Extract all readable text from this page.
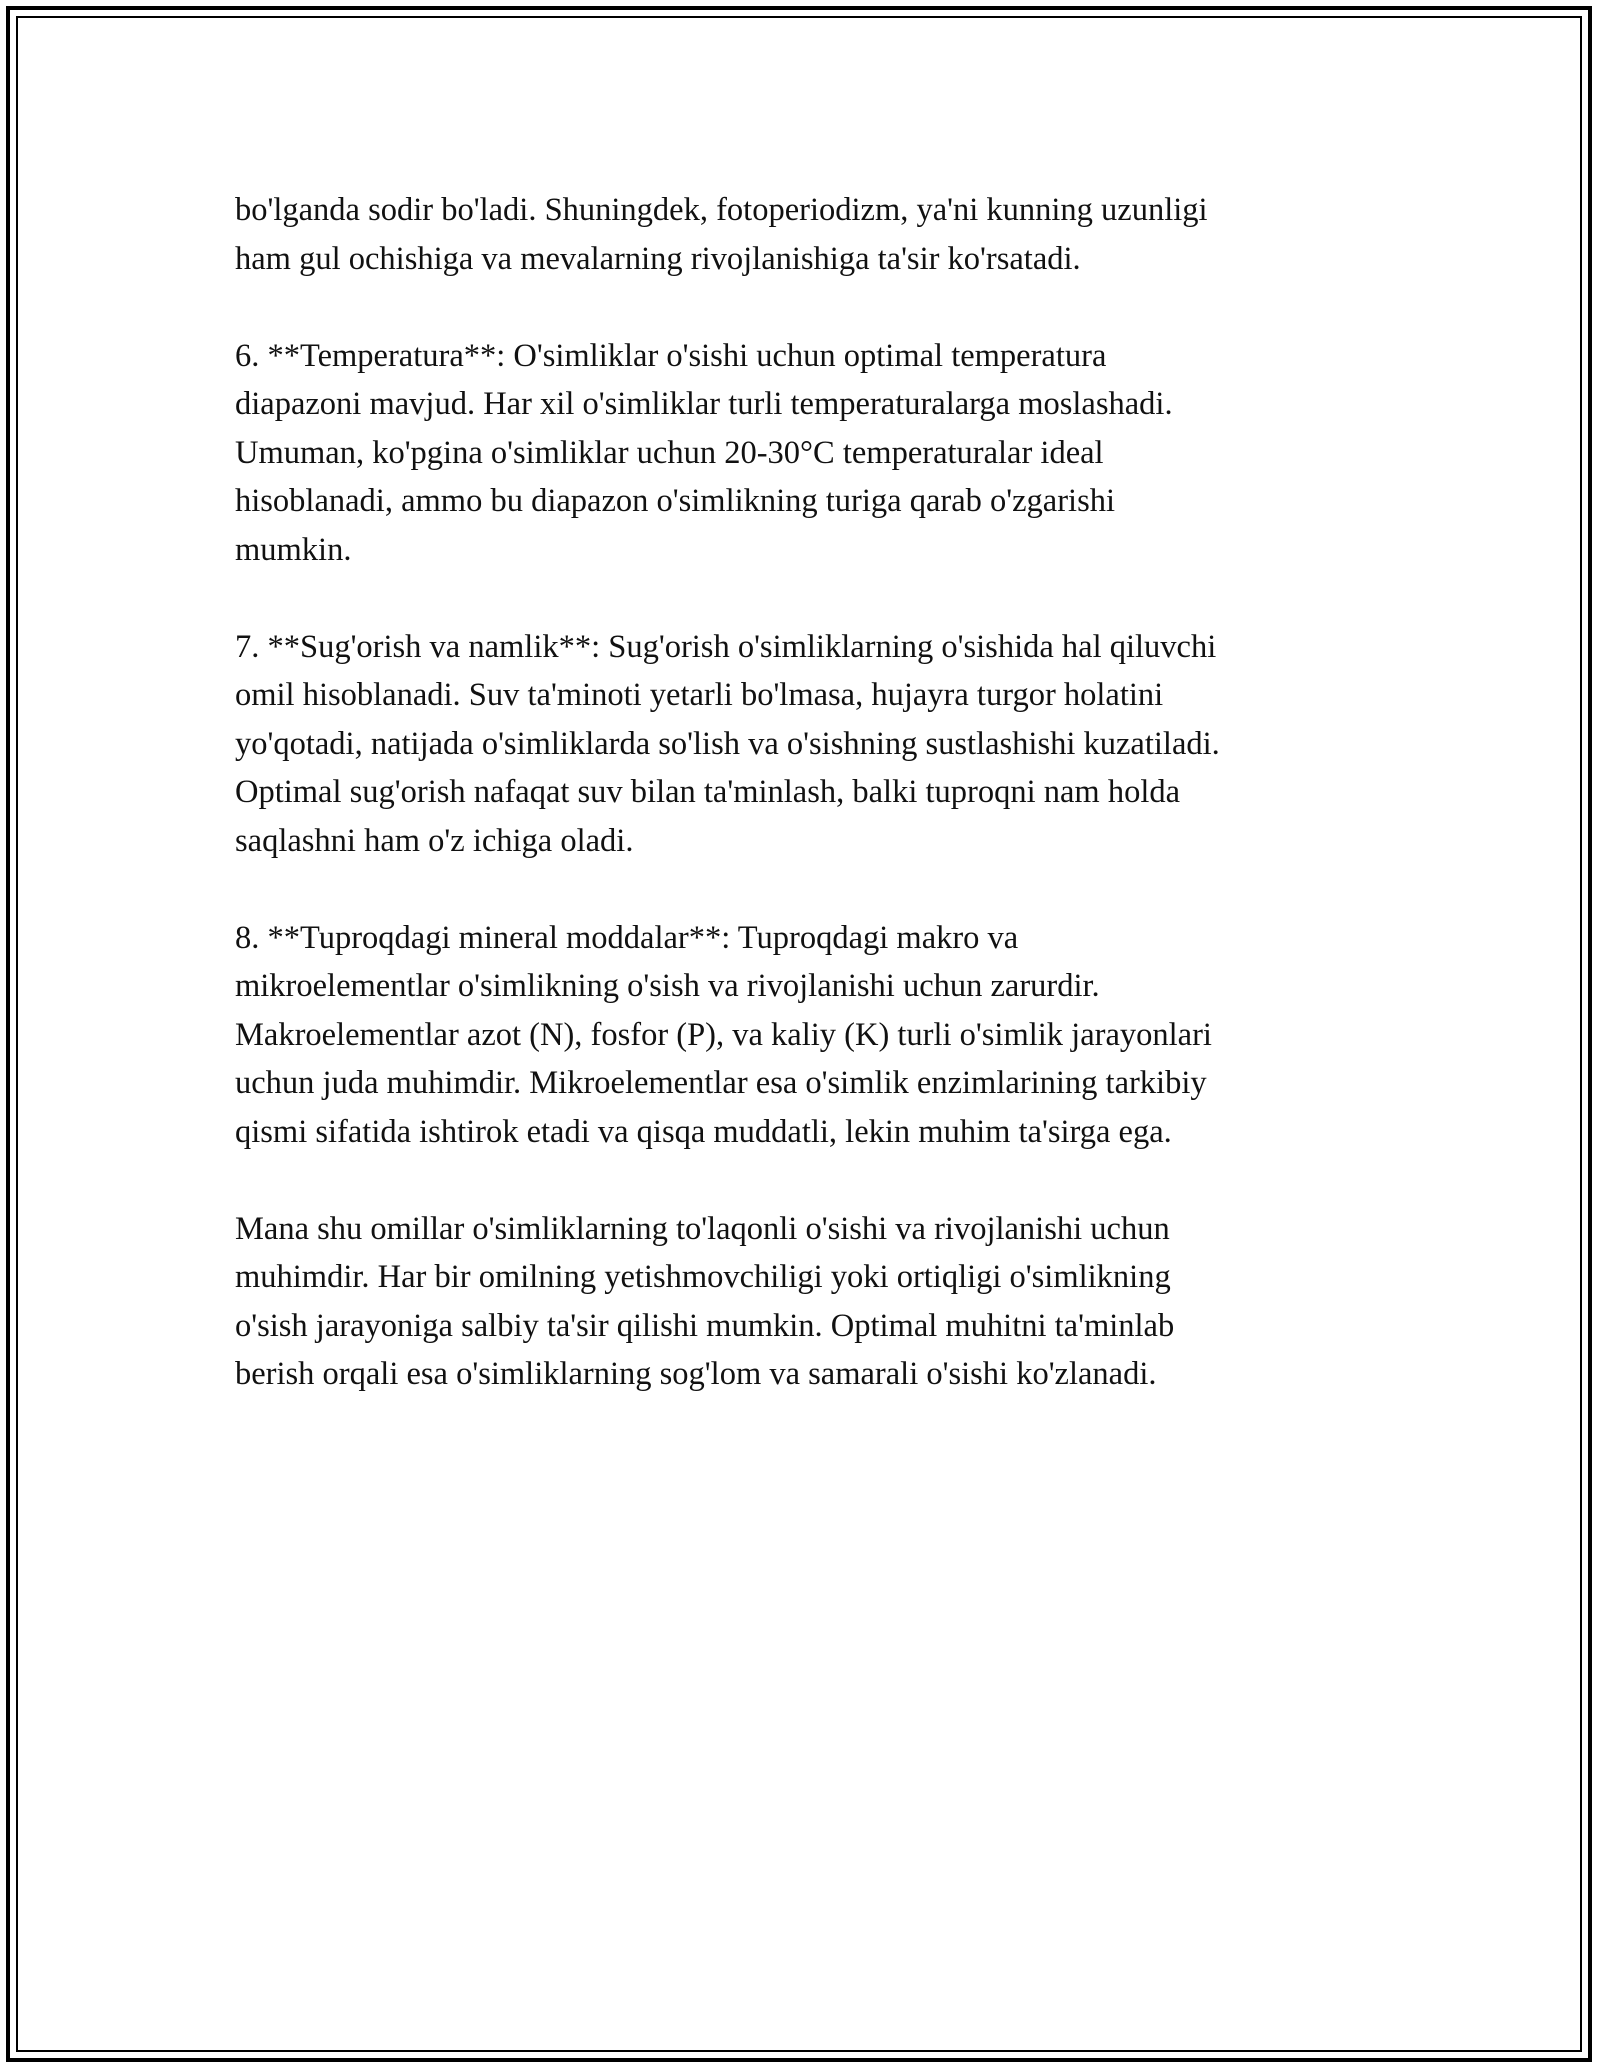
bo'lganda sodir bo'ladi. Shuningdek, fotoperiodizm, ya'ni kunning uzunligi
ham gul ochishiga va mevalarning rivojlanishiga ta'sir ko'rsatadi.

6. **Temperatura**: O'simliklar o'sishi uchun optimal temperatura
diapazoni mavjud. Har xil o'simliklar turli temperaturalarga moslashadi.
Umuman, ko'pgina o'simliklar uchun 20-30°C temperaturalar ideal
hisoblanadi, ammo bu diapazon o'simlikning turiga qarab o'zgarishi
mumkin.

7. **Sug'orish va namlik**: Sug'orish o'simliklarning o'sishida hal qiluvchi
omil hisoblanadi. Suv ta'minoti yetarli bo'lmasa, hujayra turgor holatini
yo'qotadi, natijada o'simliklarda so'lish va o'sishning sustlashishi kuzatiladi.
Optimal sug'orish nafaqat suv bilan ta'minlash, balki tuproqni nam holda
saqlashni ham o'z ichiga oladi.

8. **Tuproqdagi mineral moddalar**: Tuproqdagi makro va
mikroelementlar o'simlikning o'sish va rivojlanishi uchun zarurdir.
Makroelementlar azot (N), fosfor (P), va kaliy (K) turli o'simlik jarayonlari
uchun juda muhimdir. Mikroelementlar esa o'simlik enzimlarining tarkibiy
qismi sifatida ishtirok etadi va qisqa muddatli, lekin muhim ta'sirga ega.

Mana shu omillar o'simliklarning to'laqonli o'sishi va rivojlanishi uchun
muhimdir. Har bir omilning yetishmovchiligi yoki ortiqligi o'simlikning
o'sish jarayoniga salbiy ta'sir qilishi mumkin. Optimal muhitni ta'minlab
berish orqali esa o'simliklarning sog'lom va samarali o'sishi ko'zlanadi.
